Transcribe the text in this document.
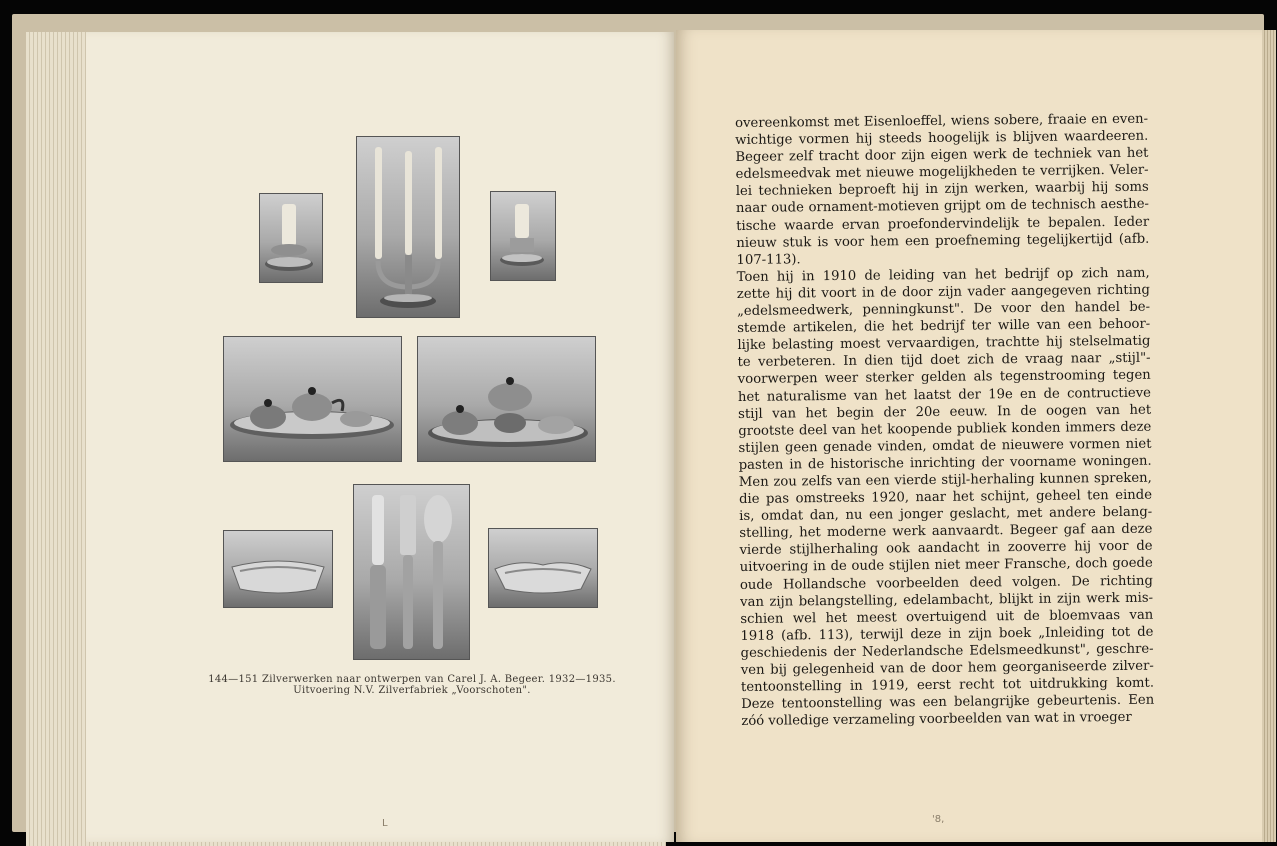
L
144—151 Zilverwerken naar ontwerpen van Carel J. A. Begeer. 1932—1935.
Uitvoering N.V. Zilverfabriek „Voorschoten".
'8,
overeenkomst met Eisenloeffel, wiens sobere, fraaie en even-
wichtige vormen hij steeds hoogelijk is blijven waardeeren.
Begeer zelf tracht door zijn eigen werk de techniek van het
edelsmeedvak met nieuwe mogelijkheden te verrijken. Veler-
lei technieken beproeft hij in zijn werken, waarbij hij soms
naar oude ornament-motieven grijpt om de technisch aesthe-
tische waarde ervan proefondervindelijk te bepalen. Ieder
nieuw stuk is voor hem een proefneming tegelijkertijd (afb.
107-113).
Toen hij in 1910 de leiding van het bedrijf op zich nam,
zette hij dit voort in de door zijn vader aangegeven richting
„edelsmeedwerk, penningkunst". De voor den handel be-
stemde artikelen, die het bedrijf ter wille van een behoor-
lijke belasting moest vervaardigen, trachtte hij stelselmatig
te verbeteren. In dien tijd doet zich de vraag naar „stijl"-
voorwerpen weer sterker gelden als tegenstrooming tegen
het naturalisme van het laatst der 19e en de contructieve
stijl van het begin der 20e eeuw. In de oogen van het
grootste deel van het koopende publiek konden immers deze
stijlen geen genade vinden, omdat de nieuwere vormen niet
pasten in de historische inrichting der voorname woningen.
Men zou zelfs van een vierde stijl-herhaling kunnen spreken,
die pas omstreeks 1920, naar het schijnt, geheel ten einde
is, omdat dan, nu een jonger geslacht, met andere belang-
stelling, het moderne werk aanvaardt. Begeer gaf aan deze
vierde stijlherhaling ook aandacht in zooverre hij voor de
uitvoering in de oude stijlen niet meer Fransche, doch goede
oude Hollandsche voorbeelden deed volgen. De richting
van zijn belangstelling, edelambacht, blijkt in zijn werk mis-
schien wel het meest overtuigend uit de bloemvaas van
1918 (afb. 113), terwijl deze in zijn boek „Inleiding tot de
geschiedenis der Nederlandsche Edelsmeedkunst", geschre-
ven bij gelegenheid van de door hem georganiseerde zilver-
tentoonstelling in 1919, eerst recht tot uitdrukking komt.
Deze tentoonstelling was een belangrijke gebeurtenis. Een
zóó volledige verzameling voorbeelden van wat in vroeger
